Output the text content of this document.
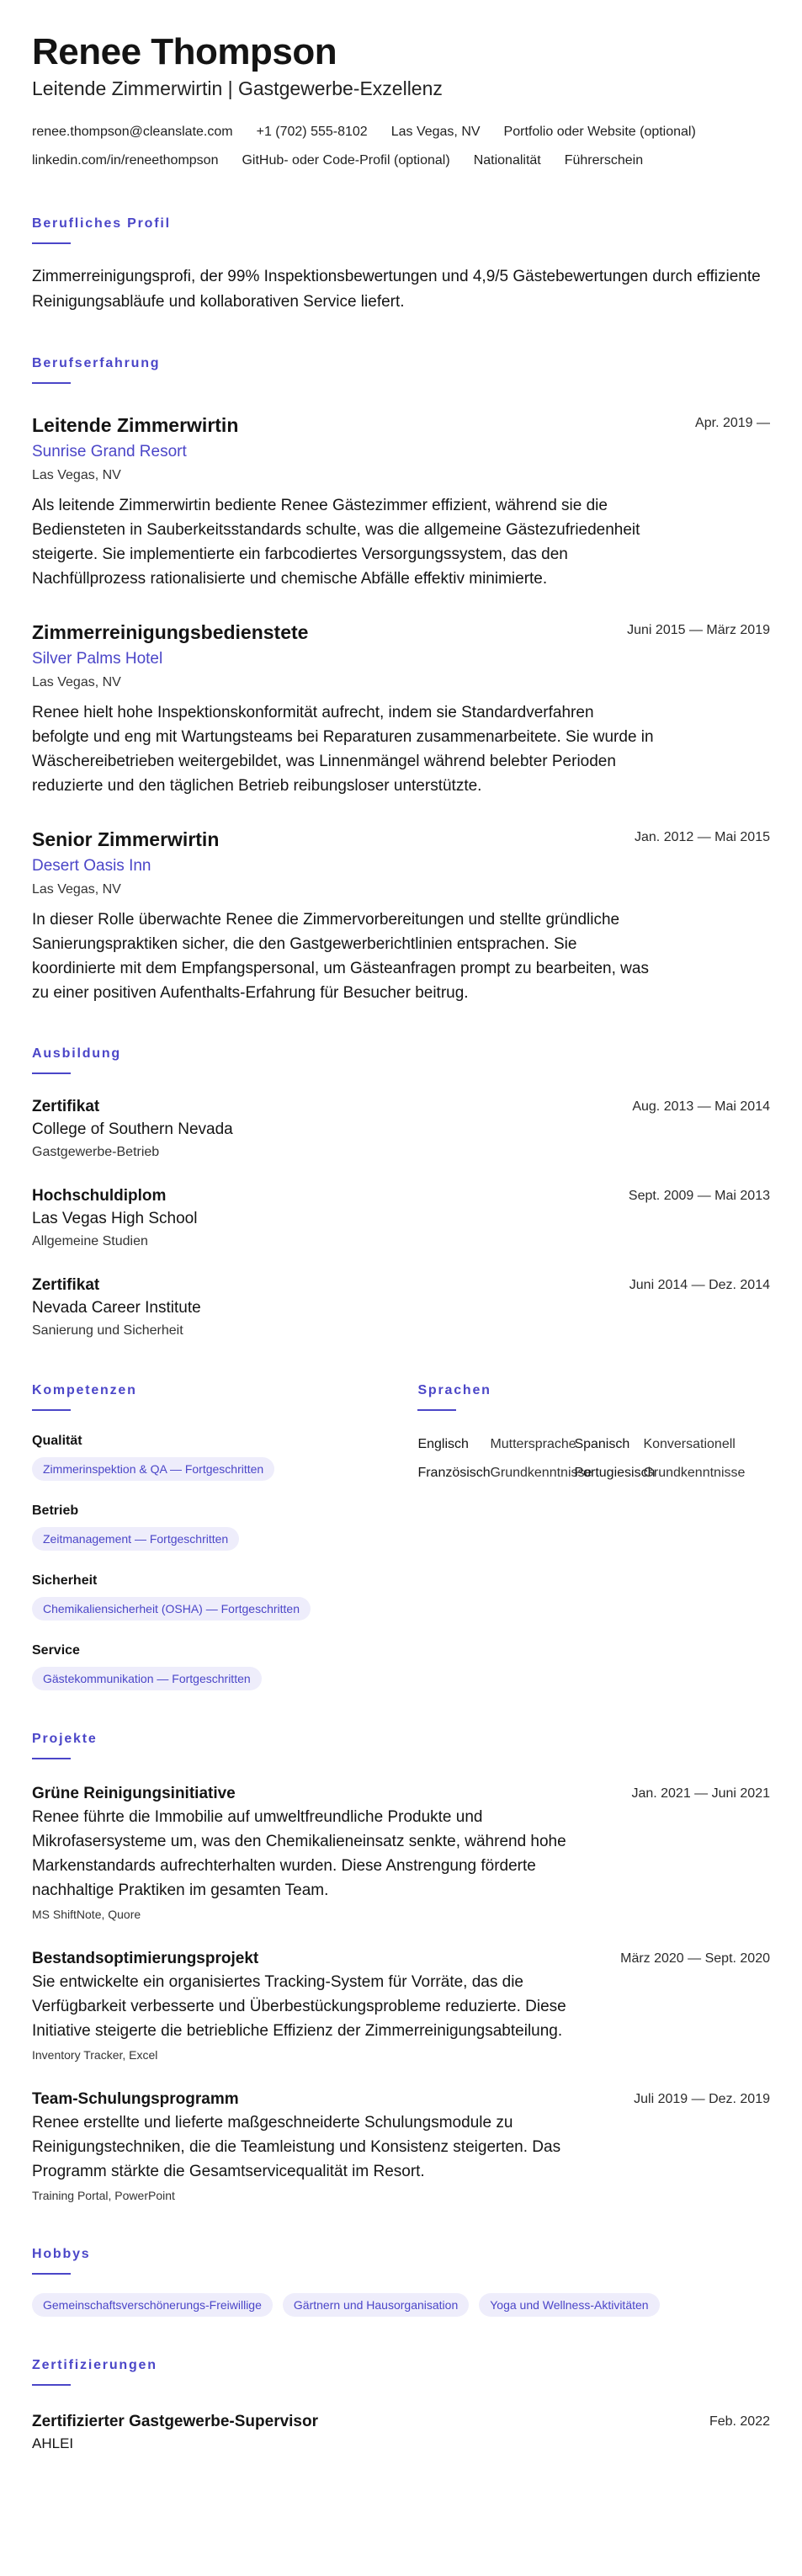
Renee Thompson
Leitende Zimmerwirtin | Gastgewerbe-Exzellenz
renee.thompson@cleanslate.com +1 (702) 555-8102 Las Vegas, NV Portfolio oder Website (optional)
linkedin.com/in/reneethompson GitHub- oder Code-Profil (optional) Nationalität Führerschein
Berufliches Profil

Zimmerreinigungsprofi, der 99% Inspektionsbewertungen und 4,9/5 Gästebewertungen durch effiziente Reinigungsabläufe und kollaborativen Service liefert.

Berufserfahrung
Leitende Zimmerwirtin	Apr. 2019 —
Sunrise Grand Resort
Las Vegas, NV

Als leitende Zimmerwirtin bediente Renee Gästezimmer effizient, während sie die Bediensteten in Sauberkeitsstandards schulte, was die allgemeine Gästezufriedenheit steigerte. Sie implementierte ein farbcodiertes Versorgungssystem, das den Nachfüllprozess rationalisierte und chemische Abfälle effektiv minimierte.

Zimmerreinigungsbedienstete	Juni 2015 — März 2019
Silver Palms Hotel
Las Vegas, NV

Renee hielt hohe Inspektionskonformität aufrecht, indem sie Standardverfahren befolgte und eng mit Wartungsteams bei Reparaturen zusammenarbeitete. Sie wurde in Wäschereibetrieben weitergebildet, was Linnenmängel während belebter Perioden reduzierte und den täglichen Betrieb reibungsloser unterstützte.

Senior Zimmerwirtin	Jan. 2012 — Mai 2015
Desert Oasis Inn
Las Vegas, NV

In dieser Rolle überwachte Renee die Zimmervorbereitungen und stellte gründliche Sanierungspraktiken sicher, die den Gastgewerberichtlinien entsprachen. Sie koordinierte mit dem Empfangspersonal, um Gästeanfragen prompt zu bearbeiten, was zu einer positiven Aufenthalts-Erfahrung für Besucher beitrug.

Ausbildung
Zertifikat	Aug. 2013 — Mai 2014
College of Southern Nevada
Gastgewerbe-Betrieb
Hochschuldiplom	Sept. 2009 — Mai 2013
Las Vegas High School
Allgemeine Studien
Zertifikat	Juni 2014 — Dez. 2014
Nevada Career Institute
Sanierung und Sicherheit
Kompetenzen
Qualität
Zimmerinspektion & QA — Fortgeschritten
Betrieb
Zeitmanagement — Fortgeschritten
Sicherheit
Chemikaliensicherheit (OSHA) — Fortgeschritten
Service
Gästekommunikation — Fortgeschritten
Sprachen
Englisch	Muttersprache
Spanisch	Konversationell
Französisch Grundkenntnisse
Portugiesisch
Grundkenntnisse
Projekte
Grüne Reinigungsinitiative	Jan. 2021 — Juni 2021

Renee führte die Immobilie auf umweltfreundliche Produkte und Mikrofasersysteme um, was den Chemikalieneinsatz senkte, während hohe Markenstandards aufrechterhalten wurden. Diese Anstrengung förderte nachhaltige Praktiken im gesamten Team.

MS ShiftNote, Quore
Bestandsoptimierungsprojekt	März 2020 — Sept. 2020

Sie entwickelte ein organisiertes Tracking-System für Vorräte, das die Verfügbarkeit verbesserte und Überbestückungsprobleme reduzierte. Diese Initiative steigerte die betriebliche Effizienz der Zimmerreinigungsabteilung.

Inventory Tracker, Excel
Team-Schulungsprogramm	Juli 2019 — Dez. 2019

Renee erstellte und lieferte maßgeschneiderte Schulungsmodule zu Reinigungstechniken, die die Teamleistung und Konsistenz steigerten. Das Programm stärkte die Gesamtservicequalität im Resort.

Training Portal, PowerPoint
Hobbys
Gemeinschaftsverschönerungs-Freiwillige	Gärtnern und Hausorganisation	Yoga und Wellness-Aktivitäten
Zertifizierungen
Zertifizierter Gastgewerbe-Supervisor	Feb. 2022
AHLEI
